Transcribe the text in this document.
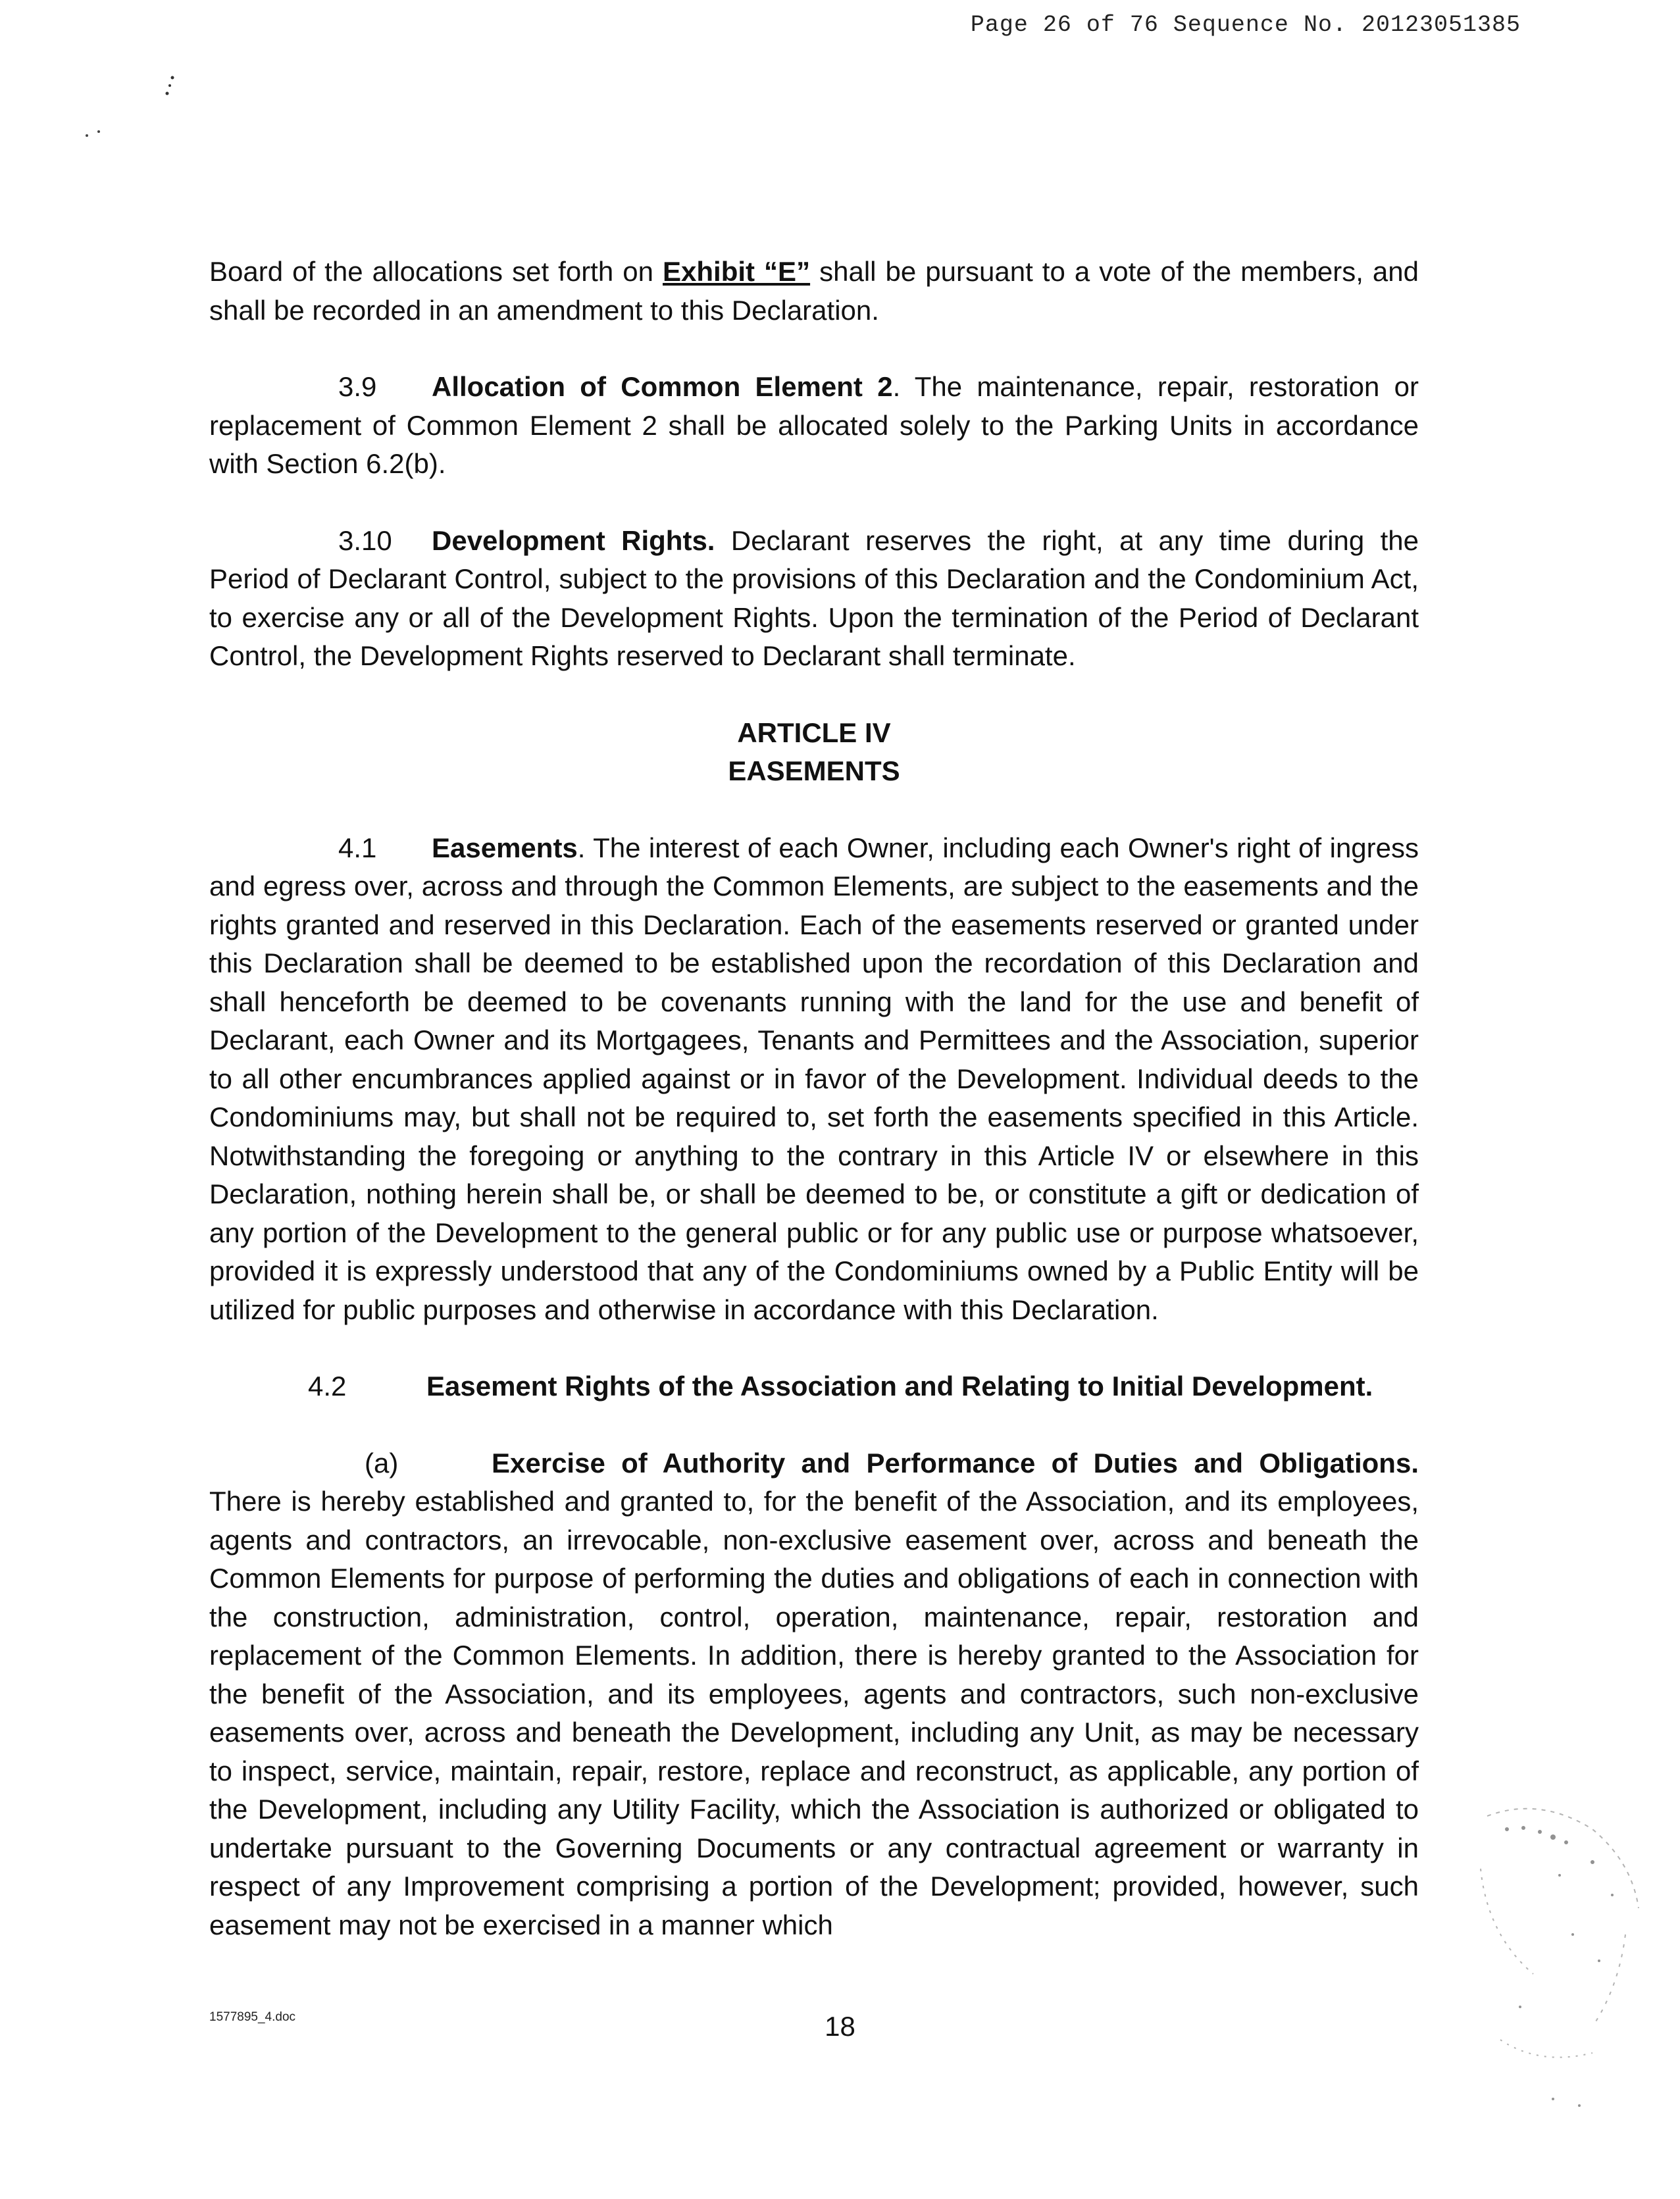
Page 26 of 76 Sequence No. 20123051385

Board of the allocations set forth on Exhibit “E” shall be pursuant to a vote of the members, and shall be recorded in an amendment to this Declaration.

3.9 Allocation of Common Element 2. The maintenance, repair, restoration or replacement of Common Element 2 shall be allocated solely to the Parking Units in accordance with Section 6.2(b).

3.10 Development Rights. Declarant reserves the right, at any time during the Period of Declarant Control, subject to the provisions of this Declaration and the Condominium Act, to exercise any or all of the Development Rights. Upon the termination of the Period of Declarant Control, the Development Rights reserved to Declarant shall terminate.

ARTICLE IV
EASEMENTS

4.1 Easements. The interest of each Owner, including each Owner's right of ingress and egress over, across and through the Common Elements, are subject to the easements and the rights granted and reserved in this Declaration. Each of the easements reserved or granted under this Declaration shall be deemed to be established upon the recordation of this Declaration and shall henceforth be deemed to be covenants running with the land for the use and benefit of Declarant, each Owner and its Mortgagees, Tenants and Permittees and the Association, superior to all other encumbrances applied against or in favor of the Development. Individual deeds to the Condominiums may, but shall not be required to, set forth the easements specified in this Article. Notwithstanding the foregoing or anything to the contrary in this Article IV or elsewhere in this Declaration, nothing herein shall be, or shall be deemed to be, or constitute a gift or dedication of any portion of the Development to the general public or for any public use or purpose whatsoever, provided it is expressly understood that any of the Condominiums owned by a Public Entity will be utilized for public purposes and otherwise in accordance with this Declaration.

4.2	Easement Rights of the Association and Relating to Initial Development.

(a)	Exercise of Authority and Performance of Duties and Obligations. There is hereby established and granted to, for the benefit of the Association, and its employees, agents and contractors, an irrevocable, non-exclusive easement over, across and beneath the Common Elements for purpose of performing the duties and obligations of each in connection with the construction, administration, control, operation, maintenance, repair, restoration and replacement of the Common Elements. In addition, there is hereby granted to the Association for the benefit of the Association, and its employees, agents and contractors, such non-exclusive easements over, across and beneath the Development, including any Unit, as may be necessary to inspect, service, maintain, repair, restore, replace and reconstruct, as applicable, any portion of the Development, including any Utility Facility, which the Association is authorized or obligated to undertake pursuant to the Governing Documents or any contractual agreement or warranty in respect of any Improvement comprising a portion of the Development; provided, however, such easement may not be exercised in a manner which

1577895_4.doc	18
